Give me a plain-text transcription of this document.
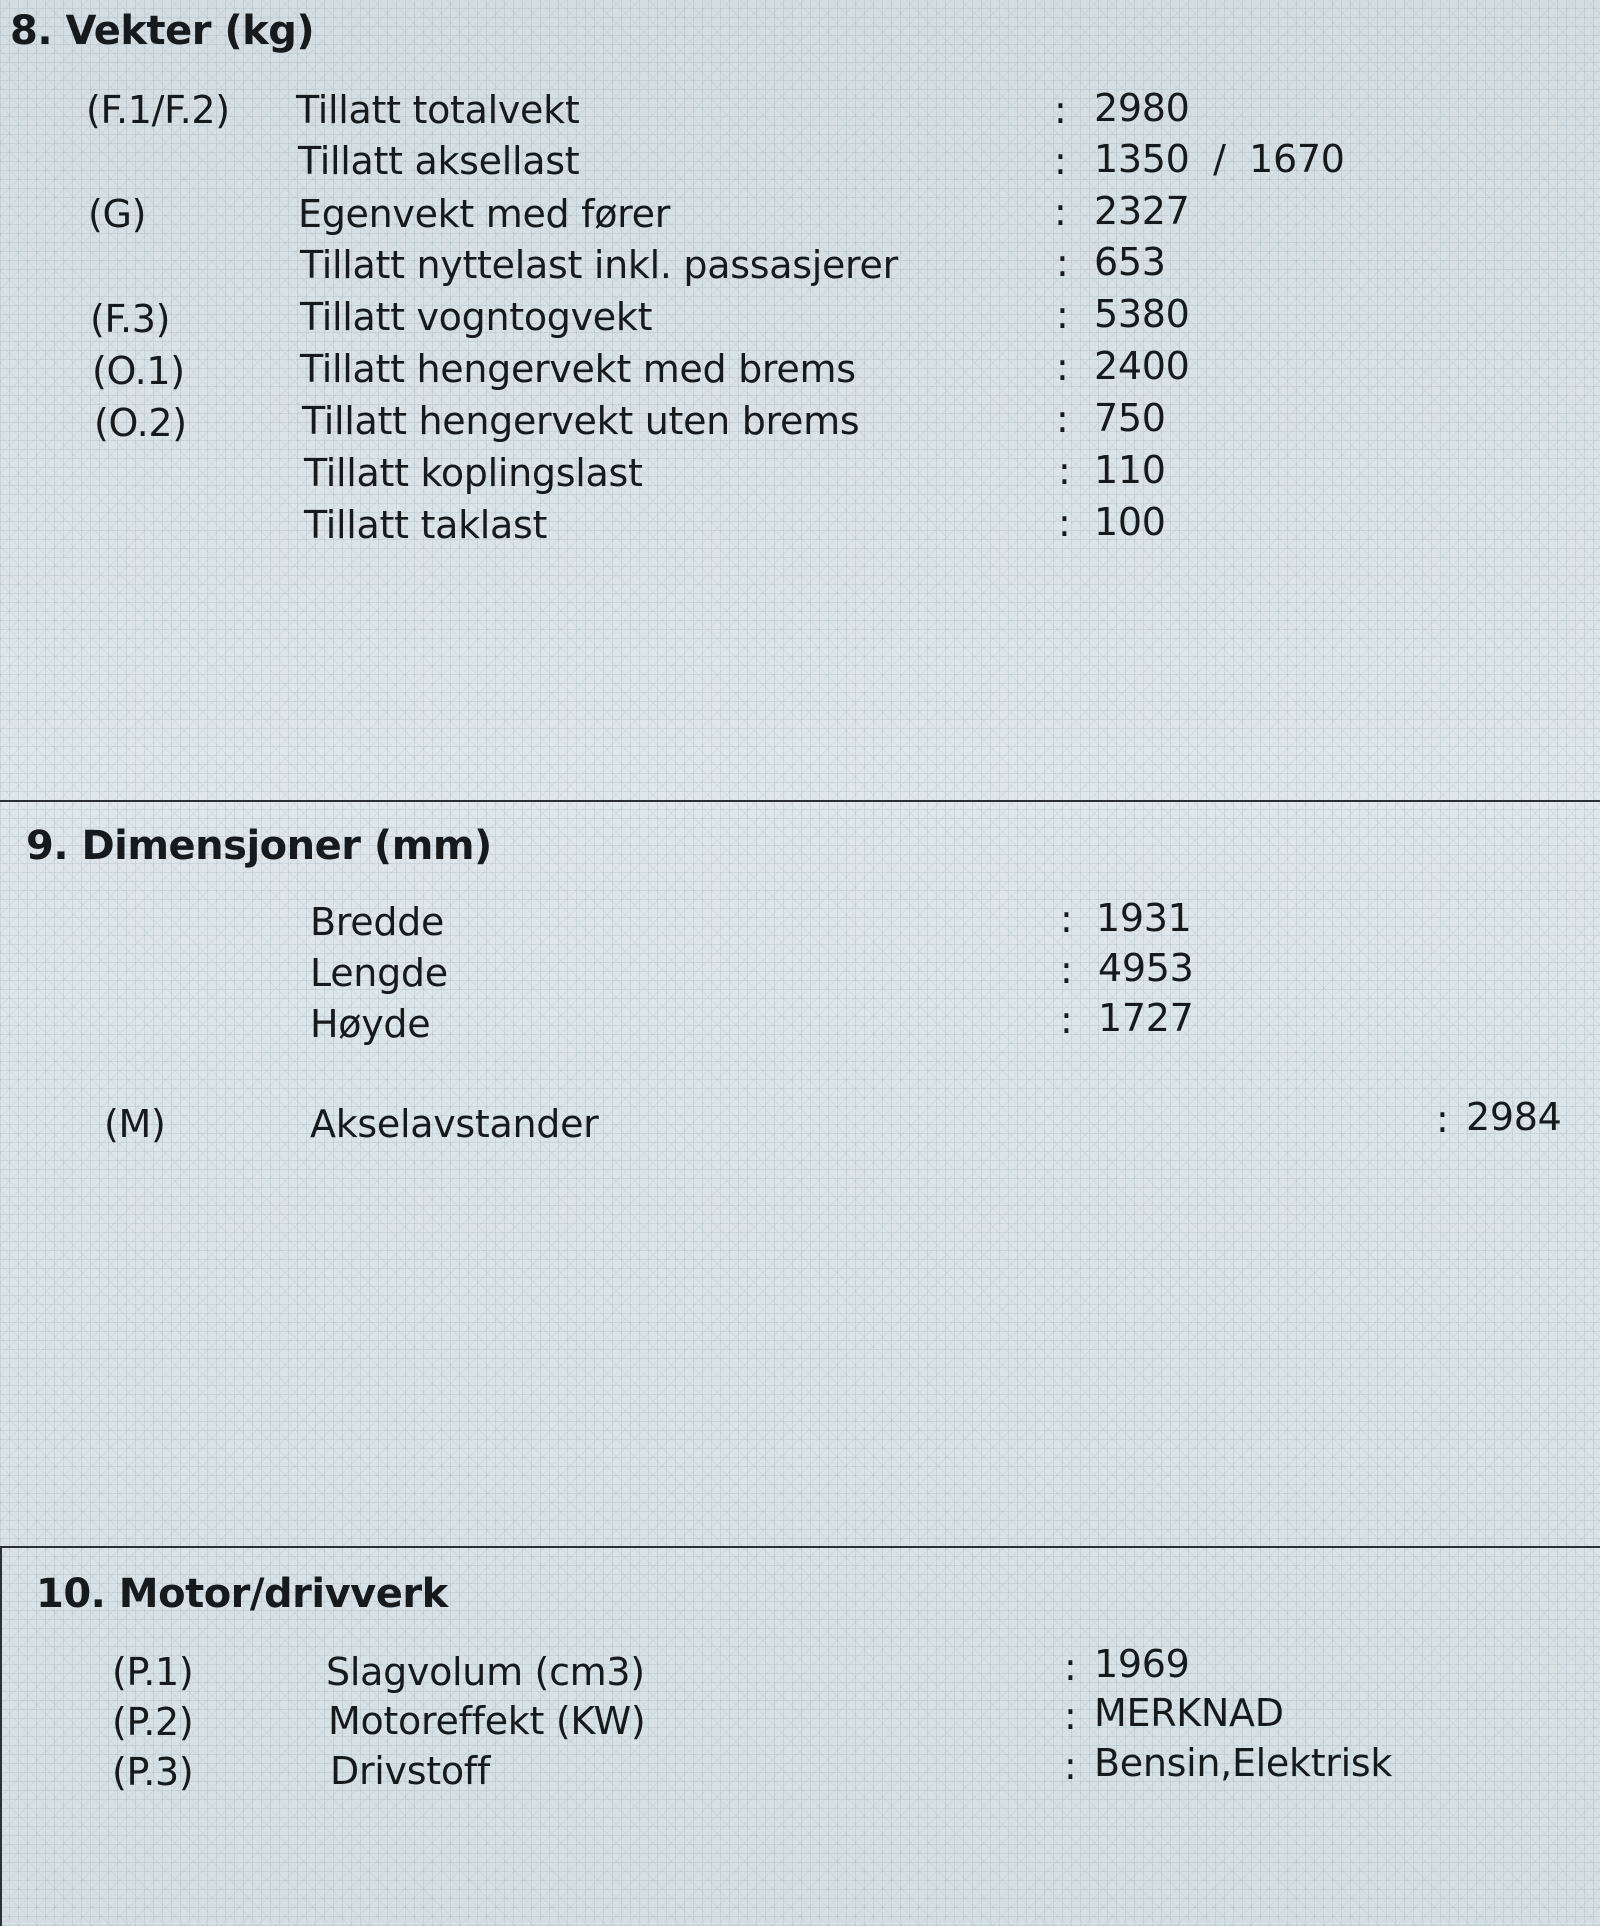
8. Vekter (kg)
(F.1/F.2) Tillatt totalvekt	: 2980
Tillatt aksellast	: 1350  /  1670
(G)	Egenvekt med fører	: 2327
Tillatt nyttelast inkl. passasjerer	: 653
(F.3)	Tillatt vogntogvekt	: 5380
(O.1)	Tillatt hengervekt med brems	: 2400
(O.2)	Tillatt hengervekt uten brems	: 750
Tillatt koplingslast	: 110
Tillatt taklast	: 100
9. Dimensjoner (mm)
Bredde	: 1931
Lengde	: 4953
Høyde	: 1727
(M)	Akselavstander	: 2984
10. Motor/drivverk
(P.1)	Slagvolum (cm3)	: 1969
(P.2)	Motoreffekt (KW)	: MERKNAD
(P.3)	Drivstoff	: Bensin,Elektrisk
